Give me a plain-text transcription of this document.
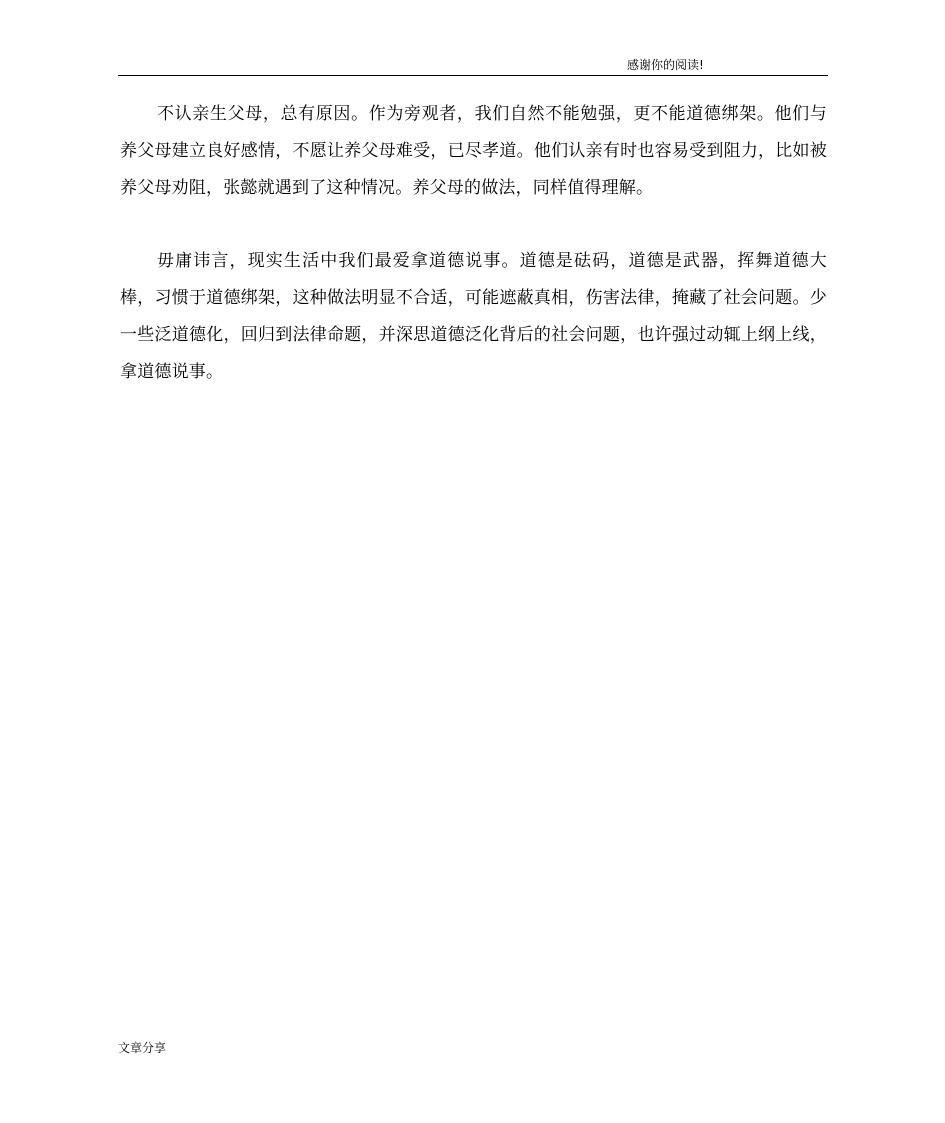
感谢你的阅读!

不认亲生父母，总有原因。作为旁观者，我们自然不能勉强，更不能道德绑架。他们与养父母建立良好感情，不愿让养父母难受，已尽孝道。他们认亲有时也容易受到阻力，比如被养父母劝阻，张懿就遇到了这种情况。养父母的做法，同样值得理解。

毋庸讳言，现实生活中我们最爱拿道德说事。道德是砝码，道德是武器，挥舞道德大棒，习惯于道德绑架，这种做法明显不合适，可能遮蔽真相，伤害法律，掩藏了社会问题。少一些泛道德化，回归到法律命题，并深思道德泛化背后的社会问题，也许强过动辄上纲上线，拿道德说事。

文章分享
